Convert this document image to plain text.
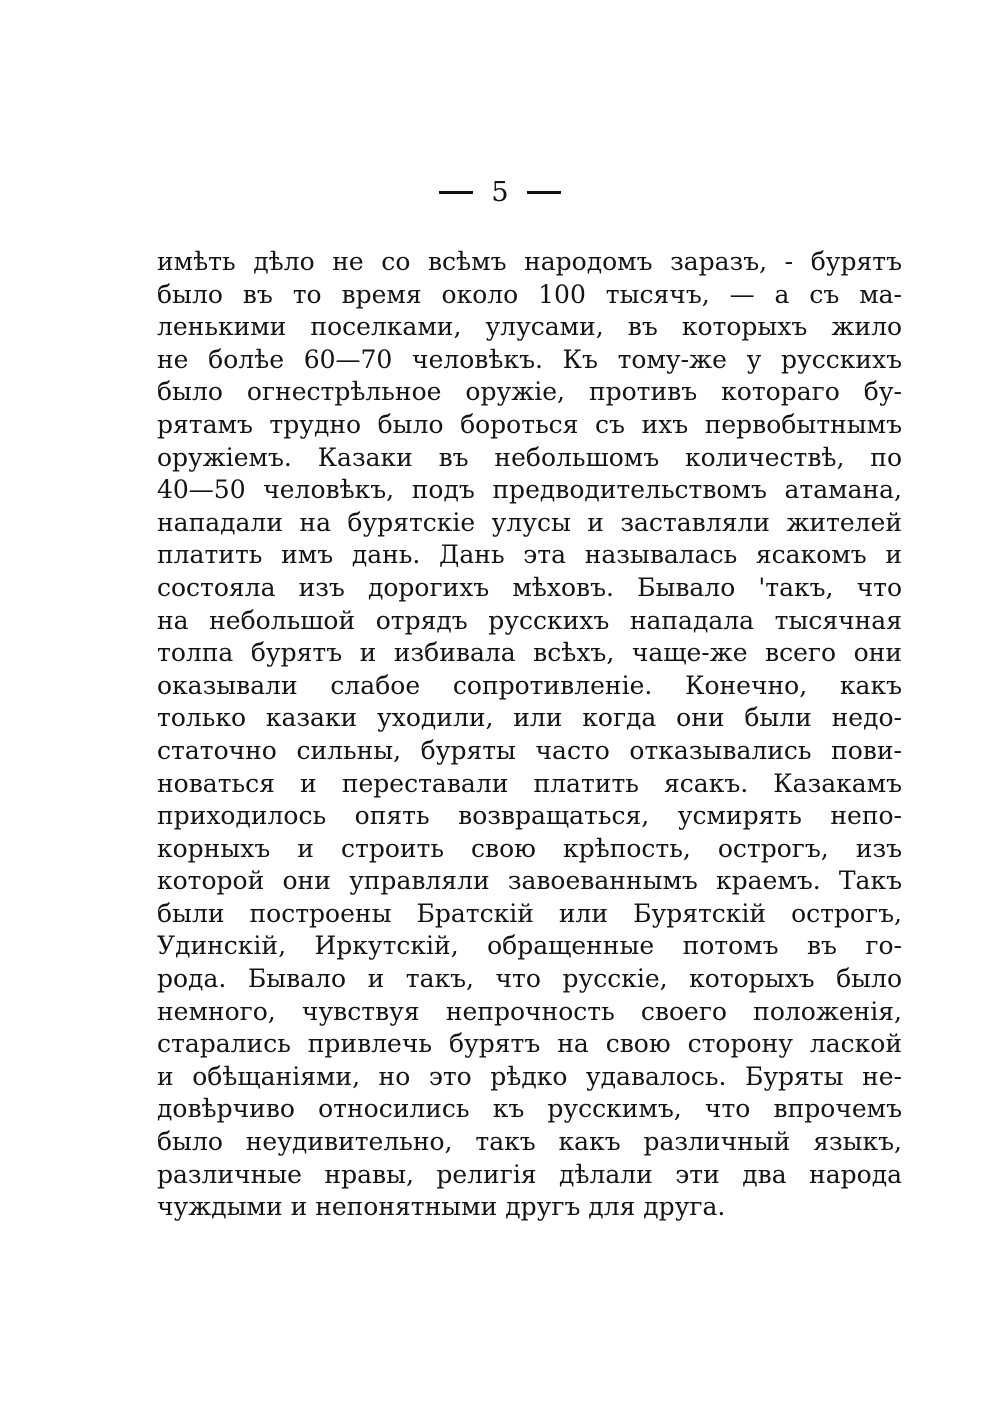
5
имѣть дѣло не со всѣмъ народомъ заразъ, - бурятъ
было въ то время около 100 тысячъ, — а съ ма-
ленькими поселками, улусами, въ которыхъ жило
не болѣе 60—70 человѣкъ. Къ тому-же у русскихъ
было огнестрѣльное оружіе, противъ котораго бу-
рятамъ трудно было бороться съ ихъ первобытнымъ
оружіемъ. Казаки въ небольшомъ количествѣ, по
40—50 человѣкъ, подъ предводительствомъ атамана,
нападали на бурятскіе улусы и заставляли жителей
платить имъ дань. Дань эта называлась ясакомъ и
состояла изъ дорогихъ мѣховъ. Бывало 'такъ, что
на небольшой отрядъ русскихъ нападала тысячная
толпа бурятъ и избивала всѣхъ, чаще-же всего они
оказывали слабое сопротивленіе. Конечно, какъ
только казаки уходили, или когда они были недо-
статочно сильны, буряты часто отказывались пови-
новаться и переставали платить ясакъ. Казакамъ
приходилось опять возвращаться, усмирять непо-
корныхъ и строить свою крѣпость, острогъ, изъ
которой они управляли завоеваннымъ краемъ. Такъ
были построены Братскій или Бурятскій острогъ,
Удинскій, Иркутскій, обращенные потомъ въ го-
рода. Бывало и такъ, что русскіе, которыхъ было
немного, чувствуя непрочность своего положенія,
старались привлечь бурятъ на свою сторону лаской
и обѣщаніями, но это рѣдко удавалось. Буряты не-
довѣрчиво относились къ русскимъ, что впрочемъ
было неудивительно, такъ какъ различный языкъ,
различные нравы, религія дѣлали эти два народа
чуждыми и непонятными другъ для друга.
